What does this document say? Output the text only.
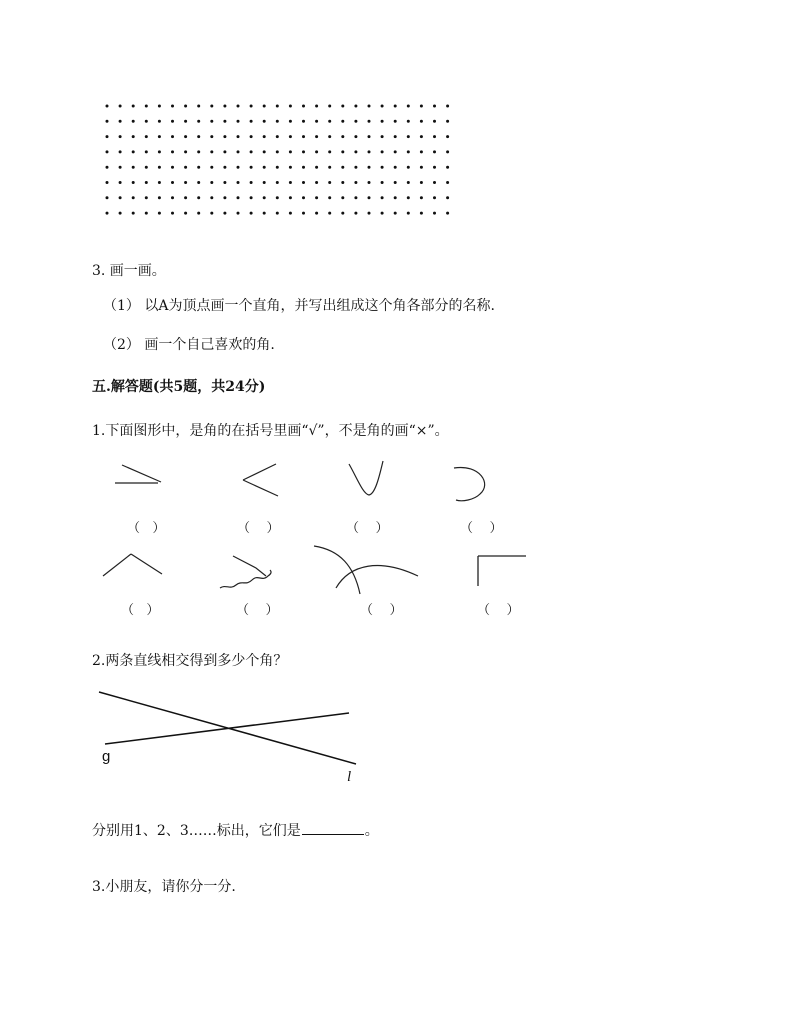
3. 画一画。
（1） 以A为顶点画一个直角，并写出组成这个角各部分的名称.
（2） 画一个自己喜欢的角.
五.解答题(共5题，共24分)
1.下面图形中，是角的在括号里画“√”，不是角的画“×”。
（   ）	（    ）	（    ）	（    ）
（   ）	（    ）	（    ）	（    ）
2.两条直线相交得到多少个角？
g
l
分别用1、2、3……标出，它们是	。
3.小朋友，请你分一分.
